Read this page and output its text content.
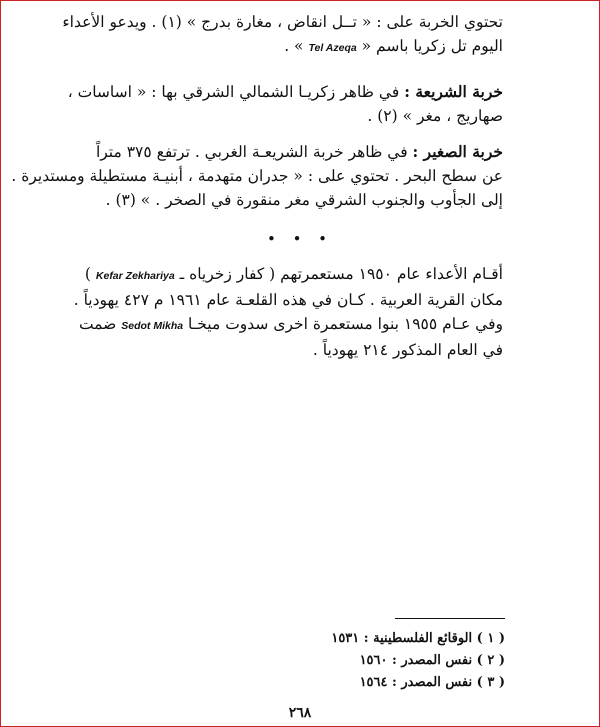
تحتوي الخربة على : « تــل انقاض ، مغارة بدرج » (١) . ويدعو الأعداء
اليوم تل زكريا باسم « Tel Azeqa » .
خربة الشريعة : في ظاهر زكريـا الشمالي الشرقي بها : « اساسات ،
صهاريج ، مغر » (٢) .
خربة الصغير : في ظاهر خربة الشريعـة الغربي . ترتفع ٣٧٥ متراً
عن سطح البحر . تحتوي على : « جدران متهدمة ، أبنيـة مستطيلة ومستديرة .
إلى الجأوب والجنوب الشرقي مغر منقورة في الصخر . » (٣) .
• • •
أقـام الأعداء عام ١٩٥٠ مستعمرتهم ( كفار زخرياه ـ Kefar Zekhariya )
مكان القرية العربية . كـان في هذه القلعـة عام ١٩٦١ م ٤٢٧ يهودياً .
وفي عـام ١٩٥٥ بنوا مستعمرة اخرى سدوت ميخـا Sedot Mikha ضمت
في العام المذكور ٢١٤ يهودياً .
( ١ ) الوقائع الفلسطينية : ١٥٣١
( ٢ ) نفس المصدر : ١٥٦٠
( ٣ ) نفس المصدر : ١٥٦٤
٢٦٨
